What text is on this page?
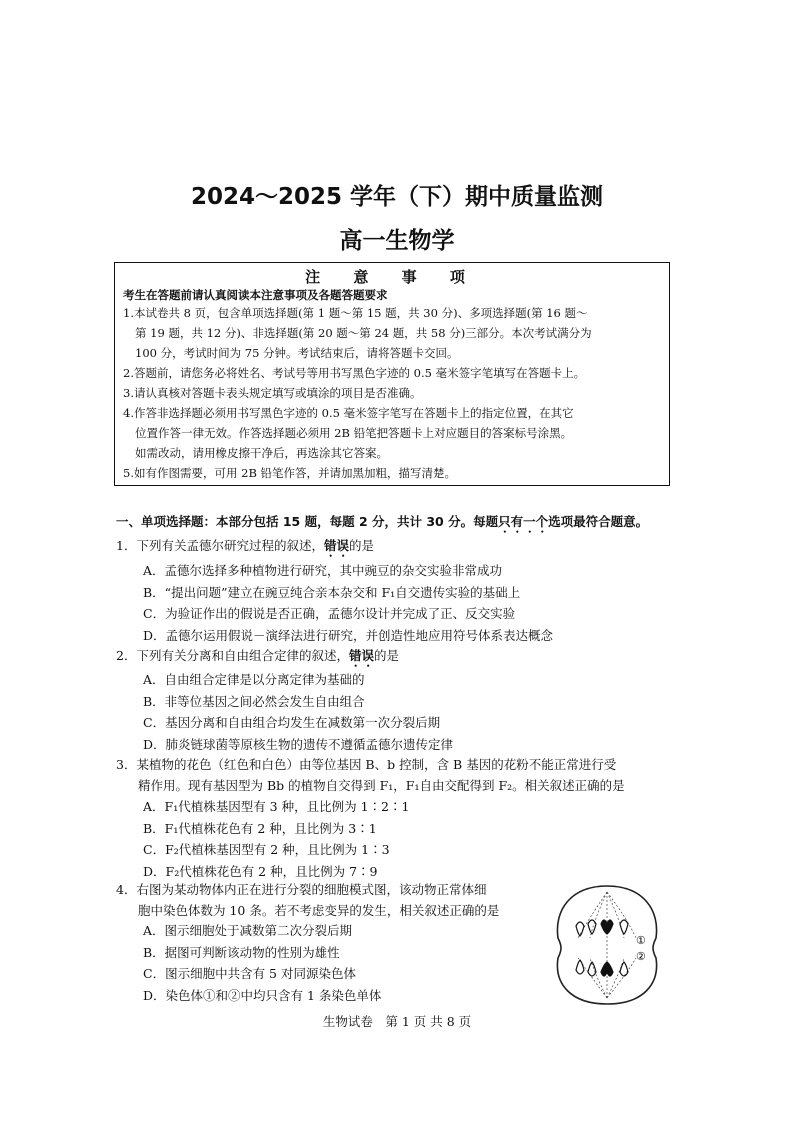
2024～2025 学年（下）期中质量监测
高一生物学
注 意 事 项
考生在答题前请认真阅读本注意事项及各题答题要求
1.本试卷共 8 页，包含单项选择题(第 1 题～第 15 题，共 30 分)、多项选择题(第 16 题～
第 19 题，共 12 分)、非选择题(第 20 题～第 24 题，共 58 分)三部分。本次考试满分为
100 分，考试时间为 75 分钟。考试结束后，请将答题卡交回。
2.答题前，请您务必将姓名、考试号等用书写黑色字迹的 0.5 毫米签字笔填写在答题卡上。
3.请认真核对答题卡表头规定填写或填涂的项目是否准确。
4.作答非选择题必须用书写黑色字迹的 0.5 毫米签字笔写在答题卡上的指定位置，在其它
位置作答一律无效。作答选择题必须用 2B 铅笔把答题卡上对应题目的答案标号涂黑。
如需改动，请用橡皮擦干净后，再选涂其它答案。
5.如有作图需要，可用 2B 铅笔作答，并请加黑加粗，描写清楚。
一、单项选择题：本部分包括 15 题，每题 2 分，共计 30 分。每题只有一个选项最符合题意。
1．下列有关孟德尔研究过程的叙述，错误的是
A．孟德尔选择多种植物进行研究，其中豌豆的杂交实验非常成功
B．“提出问题”建立在豌豆纯合亲本杂交和 F₁自交遗传实验的基础上
C．为验证作出的假说是否正确，孟德尔设计并完成了正、反交实验
D．孟德尔运用假说－演绎法进行研究，并创造性地应用符号体系表达概念
2．下列有关分离和自由组合定律的叙述，错误的是
A．自由组合定律是以分离定律为基础的
B．非等位基因之间必然会发生自由组合
C．基因分离和自由组合均发生在减数第一次分裂后期
D．肺炎链球菌等原核生物的遗传不遵循孟德尔遗传定律
3．某植物的花色（红色和白色）由等位基因 B、b 控制，含 B 基因的花粉不能正常进行受
精作用。现有基因型为 Bb 的植物自交得到 F₁，F₁自由交配得到 F₂。相关叙述正确的是
A．F₁代植株基因型有 3 种，且比例为 1∶2∶1
B．F₁代植株花色有 2 种，且比例为 3∶1
C．F₂代植株基因型有 2 种，且比例为 1∶3
D．F₂代植株花色有 2 种，且比例为 7∶9
4．右图为某动物体内正在进行分裂的细胞模式图，该动物正常体细
胞中染色体数为 10 条。若不考虑变异的发生，相关叙述正确的是
A．图示细胞处于减数第二次分裂后期
B．据图可判断该动物的性别为雄性
C．图示细胞中共含有 5 对同源染色体
D．染色体①和②中均只含有 1 条染色单体
①
②
生物试卷　第 1 页 共 8 页
